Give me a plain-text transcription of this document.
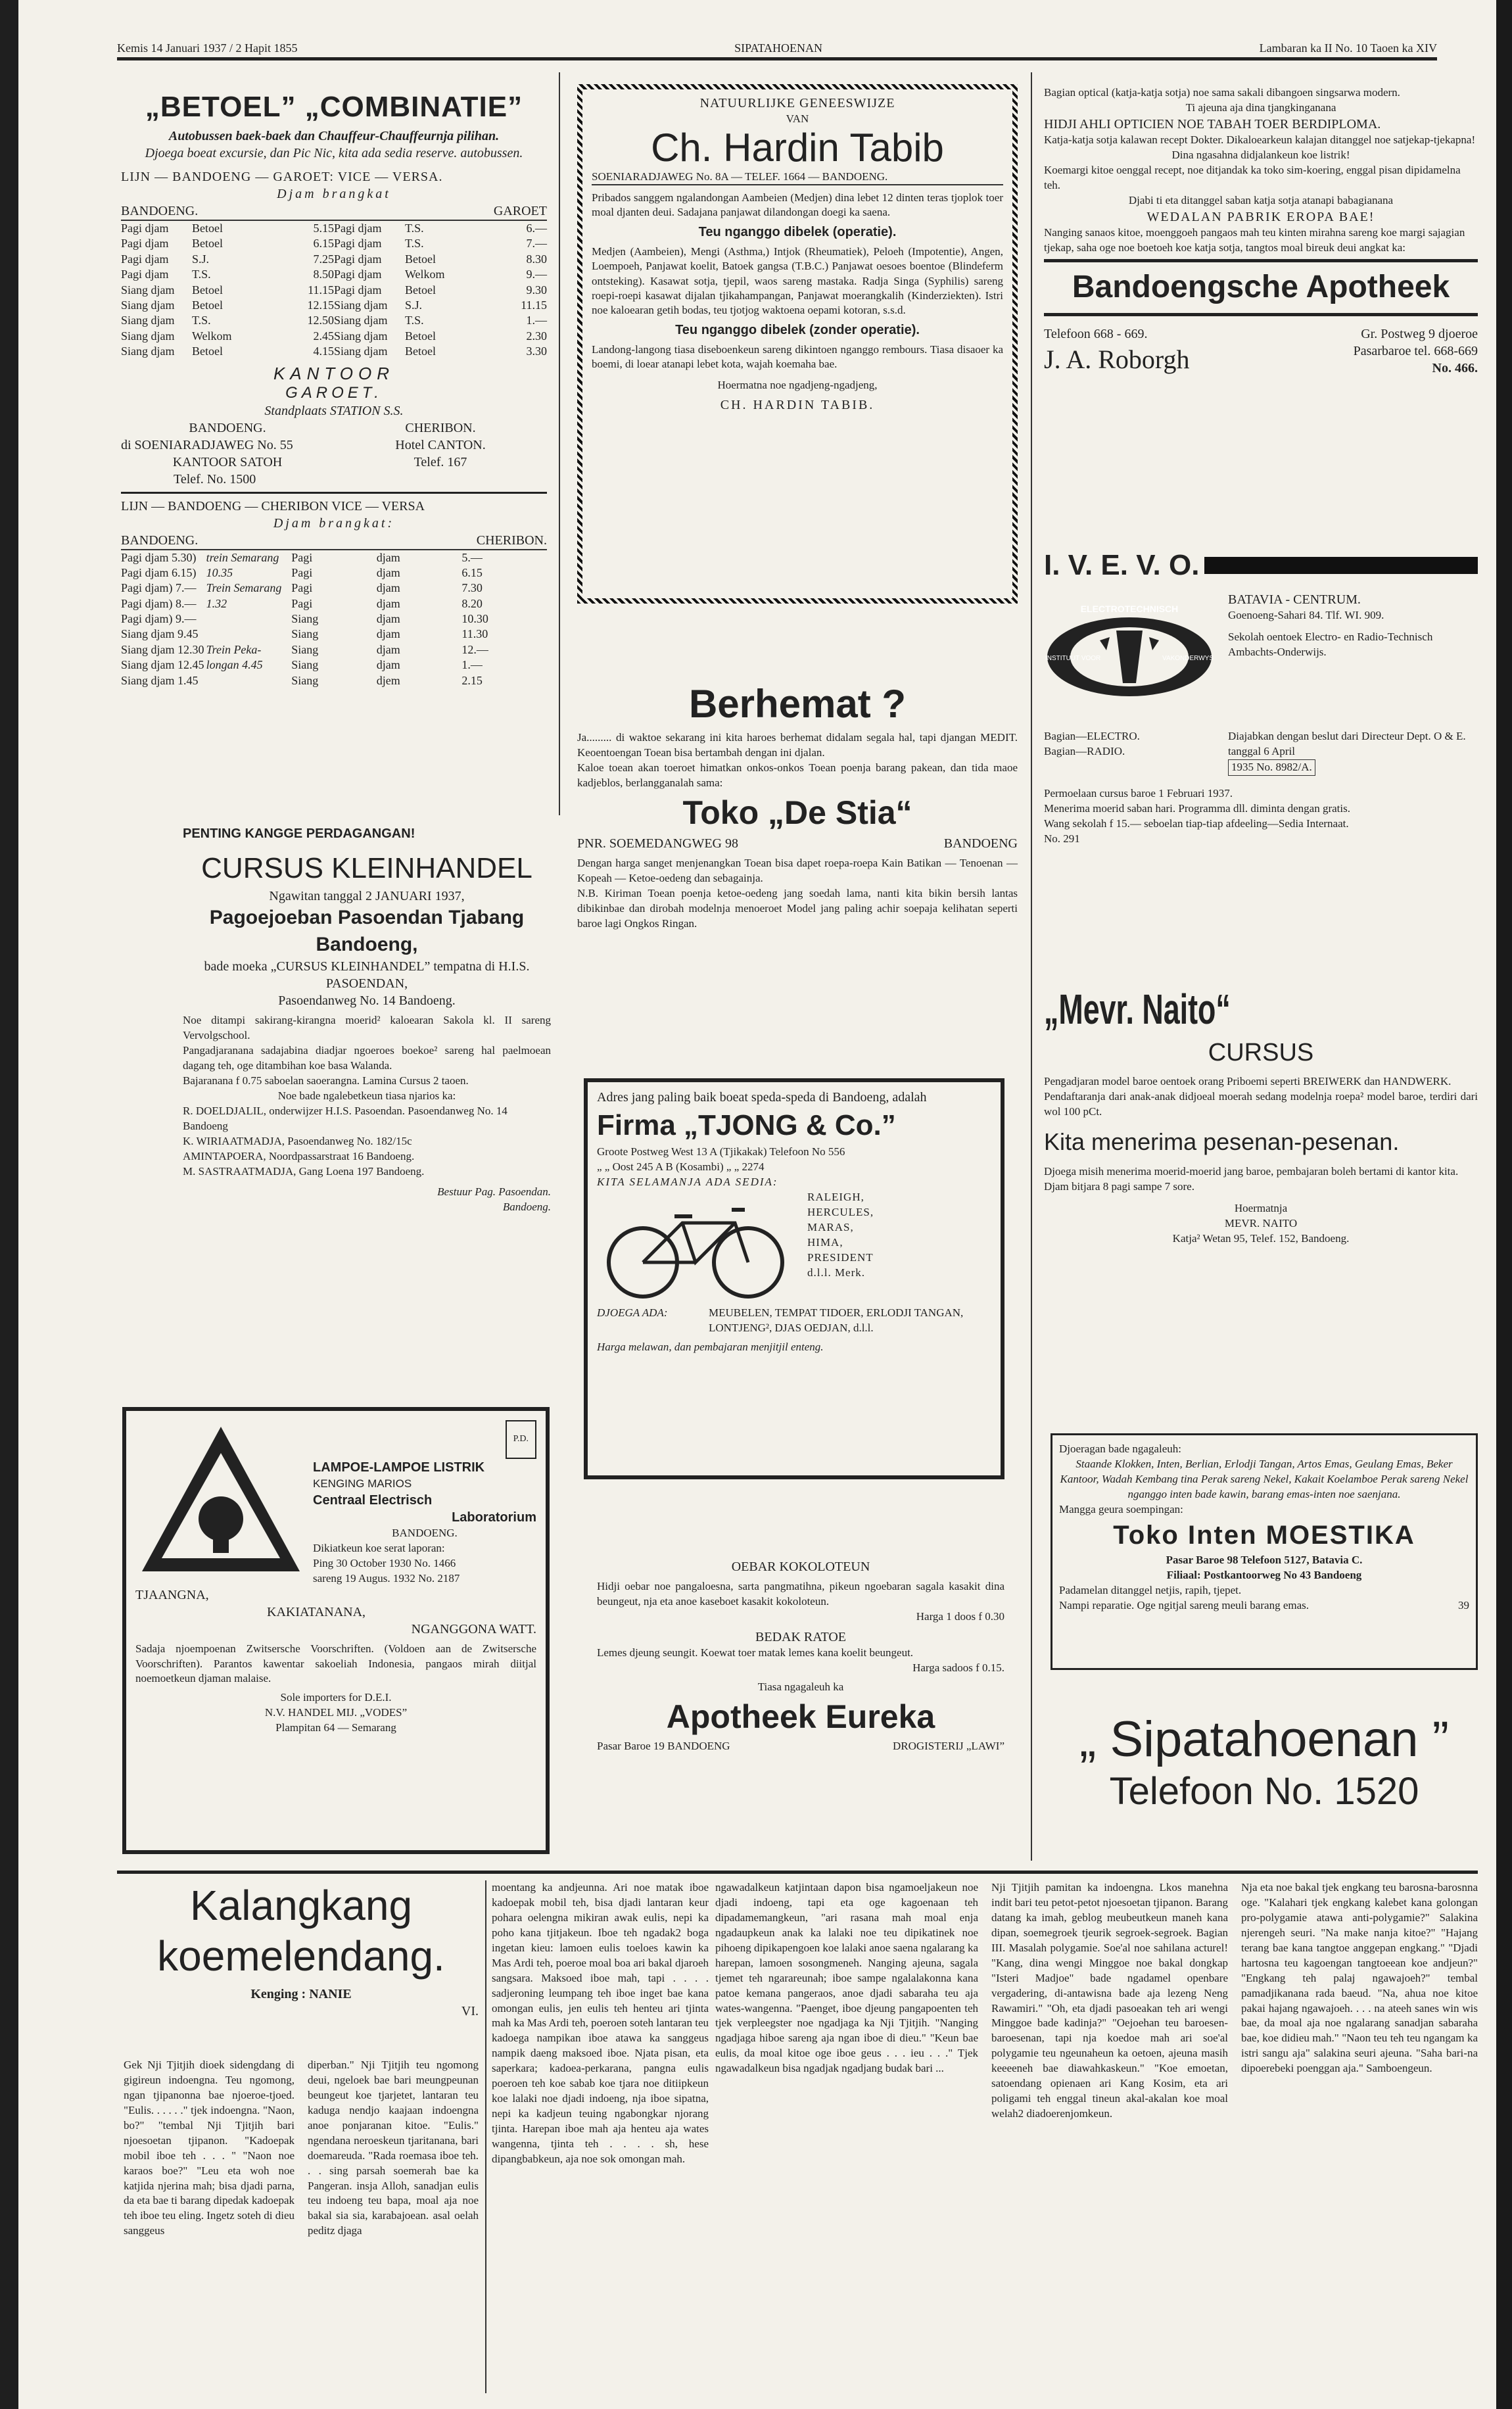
Kemis 14 Januari 1937 / 2 Hapit 1855	SIPATAHOENAN	Lambaran ka II No. 10 Taoen ka XIV
„BETOEL” „COMBINATIE”
Autobussen baek-baek dan Chauffeur-Chauffeurnja pilihan.
Djoega boeat excursie, dan Pic Nic, kita ada sedia reserve. autobussen.
LIJN — BANDOENG — GAROET: VICE — VERSA.
Djam brangkat
BANDOENG.	GAROET
Pagi djam	Betoel	5.15 Pagi djam	T.S.	6.—
Pagi djam	Betoel	6.15 Pagi djam	T.S.	7.—
Pagi djam	S.J.	7.25 Pagi djam	Betoel	8.30
Pagi djam	T.S.	8.50 Pagi djam	Welkom	9.—
Siang djam	Betoel	11.15 Pagi djam	Betoel	9.30
Siang djam	Betoel	12.15 Siang djam	S.J.	11.15
Siang djam	T.S.	12.50 Siang djam	T.S.	1.—
Siang djam	Welkom	2.45 Siang djam	Betoel	2.30
Siang djam	Betoel	4.15 Siang djam	Betoel	3.30
KANTOOR
GAROET.
Standplaats STATION S.S.
BANDOENG.	CHERIBON.
di SOENIARADJAWEG No. 55	Hotel CANTON.
KANTOOR SATOH	Telef. 167
Telef. No. 1500
LIJN — BANDOENG — CHERIBON VICE — VERSA
Djam brangkat:
BANDOENG.	CHERIBON.
Pagi djam 5.30) trein Semarang	Pagi	djam	5.—
Pagi djam 6.15) 10.35	Pagi	djam	6.15
Pagi djam) 7.— Trein Semarang Pagi	djam	7.30
Pagi djam) 8.— 1.32	Pagi	djam	8.20
Pagi djam) 9.—	Siang	djam	10.30
Siang djam 9.45	Siang	djam	11.30
Siang djam 12.30 Trein Peka-	Siang	djam	12.—
Siang djam 12.45 longan 4.45	Siang	djam	1.—
Siang djam 1.45	Siang	djem	2.15
NATUURLIJKE GENEESWIJZE
VAN
Ch. Hardin Tabib
SOENIARADJAWEG No. 8A — TELEF. 1664 — BANDOENG.
Pribados sanggem ngalandongan Aambeien (Medjen) dina lebet 12 dinten teras tjoplok toer moal djanten deui. Sadajana panjawat dilandongan doegi ka saena.
Teu nganggo dibelek (operatie).
Medjen (Aambeien), Mengi (Asthma,) Intjok (Rheumatiek), Peloeh (Impotentie), Angen, Loempoeh, Panjawat koelit, Batoek gangsa (T.B.C.) Panjawat oesoes boentoe (Blindeferm ontsteking). Kasawat sotja, tjepil, waos sareng mastaka. Radja Singa (Syphilis) sareng roepi-roepi kasawat dijalan tjikahampangan, Panjawat moerangkalih (Kinderziekten). Istri noe kaloearan getih bodas, teu tjotjog waktoena oepami kotoran, s.s.d.
Teu nganggo dibelek (zonder operatie).
Landong-langong tiasa diseboenkeun sareng dikintoen nganggo rembours. Tiasa disaoer ka boemi, di loear atanapi lebet kota, wajah koemaha bae.
Hoermatna noe ngadjeng-ngadjeng,
CH. HARDIN TABIB.
Bagian optical (katja-katja sotja) noe sama sakali dibangoen singsarwa modern.
Ti ajeuna aja dina tjangkinganana
HIDJI AHLI OPTICIEN NOE TABAH TOER BERDIPLOMA.
Katja-katja sotja kalawan recept Dokter. Dikaloearkeun kalajan ditanggel noe satjekap-tjekapna!
Dina ngasahna didjalankeun koe listrik!
Koemargi kitoe oenggal recept, noe ditjandak ka toko sim-koering, enggal pisan dipidamelna teh.
Djabi ti eta ditanggel saban katja sotja atanapi babagianana
WEDALAN PABRIK EROPA BAE!
Nanging sanaos kitoe, moenggoeh pangaos mah teu kinten mirahna sareng koe margi sajagian tjekap, saha oge noe boetoeh koe katja sotja, tangtos moal bireuk deui angkat ka:
Bandoengsche Apotheek
Telefoon 668 - 669.	Gr. Postweg 9 djoeroe
J. A. Roborgh	Pasarbaroe tel. 668-669
No. 466.
I. V. E. V. O.
ELECTROTECHNISCH
INSTITUUT VOOR	VAKONDERWYS
BATAVIA - CENTRUM.
Goenoeng-Sahari 84. Tlf. WI. 909.
Sekolah oentoek Electro- en Radio-Technisch Ambachts-Onderwijs.
Bagian—ELECTRO.
Bagian—RADIO.
Diajabkan dengan beslut dari Directeur Dept. O & E. tanggal 6 April
1935 No. 8982/A.
Permoelaan cursus baroe 1 Februari 1937.
Menerima moerid saban hari. Programma dll. diminta dengan gratis.
Wang sekolah f 15.— seboelan tiap-tiap afdeeling—Sedia Internaat.
No. 291
Berhemat ?
Ja......... di waktoe sekarang ini kita haroes berhemat didalam segala hal, tapi djangan MEDIT. Keoentoengan Toean bisa bertambah dengan ini djalan.
Kaloe toean akan toeroet himatkan onkos-onkos Toean poenja barang pakean, dan tida maoe kadjeblos, berlangganalah sama:
Toko „De Stia“
PNR. SOEMEDANGWEG 98	BANDOENG
Dengan harga sanget menjenangkan Toean bisa dapet roepa-roepa Kain Batikan — Tenoenan — Kopeah — Ketoe-oedeng dan sebagainja.
N.B. Kiriman Toean poenja ketoe-oedeng jang soedah lama, nanti kita bikin bersih lantas dibikinbae dan dirobah modelnja menoeroet Model jang paling achir soepaja kelihatan seperti baroe lagi Ongkos Ringan.
PENTING KANGGE PERDAGANGAN!
CURSUS KLEINHANDEL
Ngawitan tanggal 2 JANUARI 1937,
Pagoejoeban Pasoendan Tjabang Bandoeng,
bade moeka „CURSUS KLEINHANDEL” tempatna di H.I.S. PASOENDAN,
Pasoendanweg No. 14 Bandoeng.
Noe ditampi sakirang-kirangna moerid² kaloearan Sakola kl. II sareng Vervolgschool.
Pangadjaranana sadajabina diadjar ngoeroes boekoe² sareng hal paelmoean dagang teh, oge ditambihan koe basa Walanda.
Bajaranana f 0.75 saboelan saoerangna. Lamina Cursus 2 taoen.
Noe bade ngalebetkeun tiasa njarios ka:
R. DOELDJALIL, onderwijzer H.I.S. Pasoendan. Pasoendanweg No. 14 Bandoeng
K. WIRIAATMADJA, Pasoendanweg No. 182/15c
AMINTAPOERA, Noordpassarstraat 16 Bandoeng.
M. SASTRAATMADJA, Gang Loena 197 Bandoeng.
Bestuur Pag. Pasoendan.
Bandoeng.
Adres jang paling baik boeat speda-speda di Bandoeng, adalah
Firma „TJONG & Co.”
Groote Postweg West 13 A (Tjikakak) Telefoon No 556
„ „ Oost 245 A B (Kosambi) „ „ 2274
KITA SELAMANJA ADA SEDIA:
RALEIGH,
HERCULES,
MARAS,
HIMA,
PRESIDENT
d.l.l. Merk.
DJOEGA ADA:	MEUBELEN, TEMPAT TIDOER, ERLODJI TANGAN, LONTJENG², DJAS OEDJAN, d.l.l.
Harga melawan, dan pembajaran menjitjil enteng.
„Mevr. Naito“
CURSUS
Pengadjaran model baroe oentoek orang Priboemi seperti BREIWERK dan HANDWERK.
Pendaftaranja dari anak-anak didjoeal moerah sedang modelnja roepa² model baroe, terdiri dari wol 100 pCt.
Kita menerima pesenan-pesenan.
Djoega misih menerima moerid-moerid jang baroe, pembajaran boleh bertami di kantor kita.
Djam bitjara 8 pagi sampe 7 sore.
Hoermatnja
MEVR. NAITO
Katja² Wetan 95, Telef. 152, Bandoeng.
P.D.
LAMPOE-LAMPOE LISTRIK
KENGING MARIOS
Centraal Electrisch
Laboratorium
BANDOENG.
Dikiatkeun koe serat laporan:
Ping 30 October 1930 No. 1466
sareng 19 Augus. 1932 No. 2187
TJAANGNA,
KAKIATANANA,
NGANGGONA WATT.
Sadaja njoempoenan Zwitsersche Voorschriften. (Voldoen aan de Zwitsersche Voorschriften). Parantos kawentar sakoeliah Indonesia, pangaos mirah diitjal noemoetkeun djaman malaise.
Sole importers for D.E.I.
N.V. HANDEL MIJ. „VODES”
Plampitan 64 — Semarang
OEBAR KOKOLOTEUN
Hidji oebar noe pangaloesna, sarta pangmatihna, pikeun ngoebaran sagala kasakit dina beungeut, nja eta anoe kaseboet kasakit kokoloteun.
Harga 1 doos f 0.30
BEDAK RATOE
Lemes djeung seungit. Koewat toer matak lemes kana koelit beungeut.
Harga sadoos f 0.15.
Tiasa ngagaleuh ka
Apotheek Eureka
Pasar Baroe 19 BANDOENG	DROGISTERIJ „LAWI”
Djoeragan bade ngagaleuh:
Staande Klokken, Inten, Berlian, Erlodji Tangan, Artos Emas, Geulang Emas, Beker Kantoor, Wadah Kembang tina Perak sareng Nekel, Kakait Koelamboe Perak sareng Nekel nganggo inten bade kawin, barang emas-inten noe saenjana.
Mangga geura soempingan:
Toko Inten MOESTIKA
Pasar Baroe 98 Telefoon 5127, Batavia C.
Filiaal: Postkantoorweg No 43 Bandoeng
Padamelan ditanggel netjis, rapih, tjepet.
Nampi reparatie. Oge ngitjal sareng meuli barang emas.	39
„ Sipatahoenan ”
Telefoon No. 1520
Kalangkang koemelendang.
Kenging : NANIE
VI.
Gek Nji Tjitjih dioek sidengdang di gigireun indoengna. Teu ngomong, ngan tjipanonna bae njoeroe-tjoed. "Eulis. . . . . ." tjek indoengna. "Naon, bo?" "tembal Nji Tjitjih bari njoesoetan tjipanon. "Kadoepak mobil iboe teh . . . " "Naon noe karaos boe?" "Leu eta woh noe katjida njerina mah; bisa djadi parna, da eta bae ti barang dipedak kadoepak teh iboe teu eling. Ingetz soteh di dieu sanggeus
diperban." Nji Tjitjih teu ngomong deui, ngeloek bae bari meungpeunan beungeut koe tjarjetet, lantaran teu kaduga nendjo kaajaan indoengna anoe ponjaranan kitoe. "Eulis." ngendana neroeskeun tjaritanana, bari doemareuda. "Rada roemasa iboe teh. . . sing parsah soemerah bae ka Pangeran. insja Alloh, sanadjan eulis teu indoeng teu bapa, moal aja noe bakal sia sia, karabajoean. asal oelah peditz djaga
moentang ka andjeunna. Ari noe matak iboe kadoepak mobil teh, bisa djadi lantaran keur pohara oelengna mikiran awak eulis, nepi ka poho kana tjitjakeun. Iboe teh ngadak2 boga ingetan kieu: lamoen eulis toeloes kawin ka Mas Ardi teh, poeroe moal boa ari bakal djaroeh sangsara. Maksoed iboe mah, tapi . . . . sadjeroning leumpang teh iboe inget bae kana omongan eulis, jen eulis teh henteu ari tjinta mah ka Mas Ardi teh, poeroen soteh lantaran teu kadoega nampikan iboe atawa ka sanggeus nampik daeng maksoed iboe. Njata pisan, eta saperkara; kadoea-perkarana, pangna eulis poeroen teh koe sabab koe tjara noe ditiipkeun koe lalaki noe djadi indoeng, nja iboe sipatna, nepi ka kadjeun teuing ngabongkar njorang tjinta. Harepan iboe mah aja henteu aja wates wangenna, tjinta teh . . . . sh, hese dipangbabkeun, aja noe sok omongan mah.
ngawadalkeun katjintaan dapon bisa ngamoeljakeun noe djadi indoeng, tapi eta oge kagoenaan teh dipadamemangkeun, "ari rasana mah moal enja ngadaupkeun anak ka lalaki noe teu dipikatinek noe pihoeng dipikapengoen koe lalaki anoe saena ngalarang ka harepan, lamoen sosongmeneh. Nanging ajeuna, sagala tjemet teh ngarareunah; iboe sampe ngalalakonna kana patoe kemana pangeraos, anoe djadi sabaraha teu aja wates-wangenna. "Paenget, iboe djeung pangapoenten teh tjek verpleegster noe ngadjaga ka Nji Tjitjih. "Nanging ngadjaga hiboe sareng aja ngan iboe di dieu." "Keun bae eulis, da moal kitoe oge iboe geus . . . ieu . . ." Tjek ngawadalkeun bisa ngadjak ngadjang budak bari ...
Nji Tjitjih pamitan ka indoengna. Lkos manehna indit bari teu petot-petot njoesoetan tjipanon. Barang datang ka imah, geblog meubeutkeun maneh kana dipan, soemegroek tjeurik segroek-segroek. Bagian III. Masalah polygamie. Soe'al noe sahilana acturel! "Kang, dina wengi Minggoe noe bakal dongkap "Isteri Madjoe" bade ngadamel openbare vergadering, di-antawisna bade aja lezeng Neng Rawamiri." "Oh, eta djadi pasoeakan teh ari wengi Minggoe bade kadinja?" "Oejoehan teu baroesen-baroesenan, tapi nja koedoe mah ari soe'al polygamie teu ngeunaheun ka oetoen, ajeuna masih keeeeneh bae diawahkaskeun." "Koe emoetan, satoendang opienaen ari Kang Kosim, eta ari poligami teh enggal tineun akal-akalan koe moal welah2 diadoerenjomkeun.
Nja eta noe bakal tjek engkang teu barosna-barosnna oge. "Kalahari tjek engkang kalebet kana golongan pro-polygamie atawa anti-polygamie?" Salakina njerengeh seuri. "Na make nanja kitoe?" "Hajang terang bae kana tangtoe anggepan engkang." "Djadi hartosna teu kagoengan tangtoeean koe andjeun?" "Engkang teh palaj ngawajoeh?" tembal pamadjikanana rada baeud. "Na, ahua noe kitoe pakai hajang ngawajoeh. . . . na ateeh sanes win wis bae, da moal aja noe ngalarang sanadjan sabaraha bae, koe didieu mah." "Naon teu teh teu ngangam ka istri sangu aja" salakina seuri ajeuna. "Saha bari-na dipoerebeki poenggan aja." Samboengeun.
